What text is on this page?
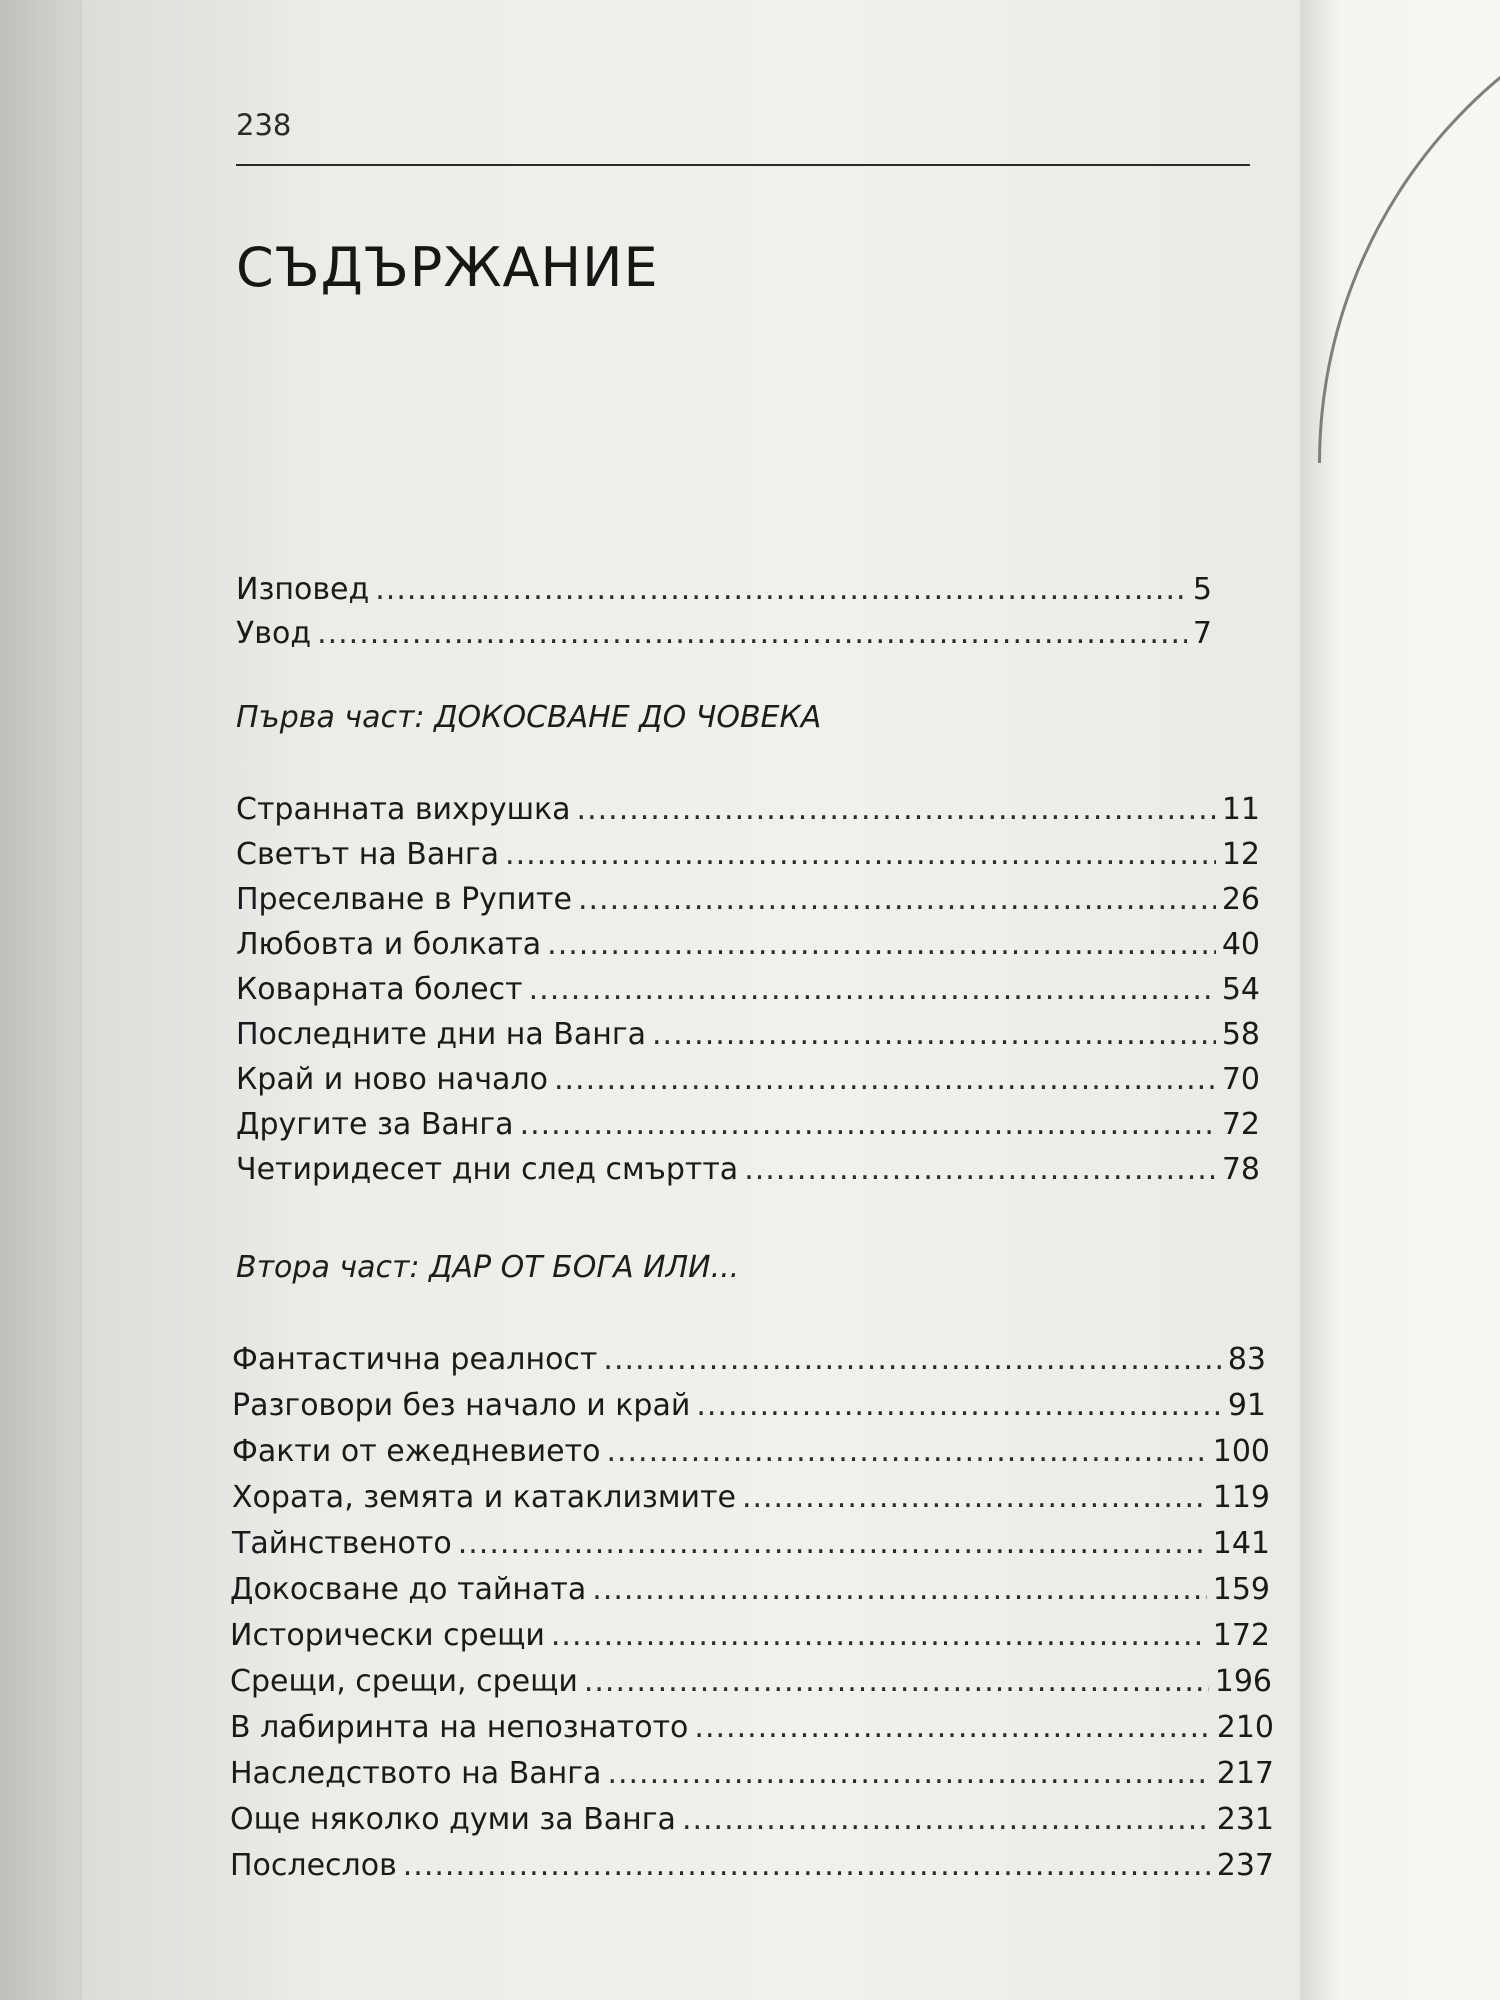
238
СЪДЪРЖАНИЕ
Изповед .....	5
Увод .....	7
Първа част: ДОКОСВАНЕ ДО ЧОВЕКА
Странната вихрушка .....	11
Светът на Ванга .....	12
Преселване в Рупите .....	26
Любовта и болката .....	40
Коварната болест .....	54
Последните дни на Ванга .....	58
Край и ново начало .....	70
Другите за Ванга .....	72
Четиридесет дни след смъртта .....	78
Втора част: ДАР ОТ БОГА ИЛИ...
Фантастична реалност .....	83
Разговори без начало и край .....	91
Факти от ежедневието .....	100
Хората, земята и катаклизмите .....	119
Тайнственото .....	141
Докосване до тайната .....	159
Исторически срещи .....	172
Срещи, срещи, срещи .....	196
В лабиринта на непознатото .....	210
Наследството на Ванга .....	217
Още няколко думи за Ванга .....	231
Послеслов .....	237
